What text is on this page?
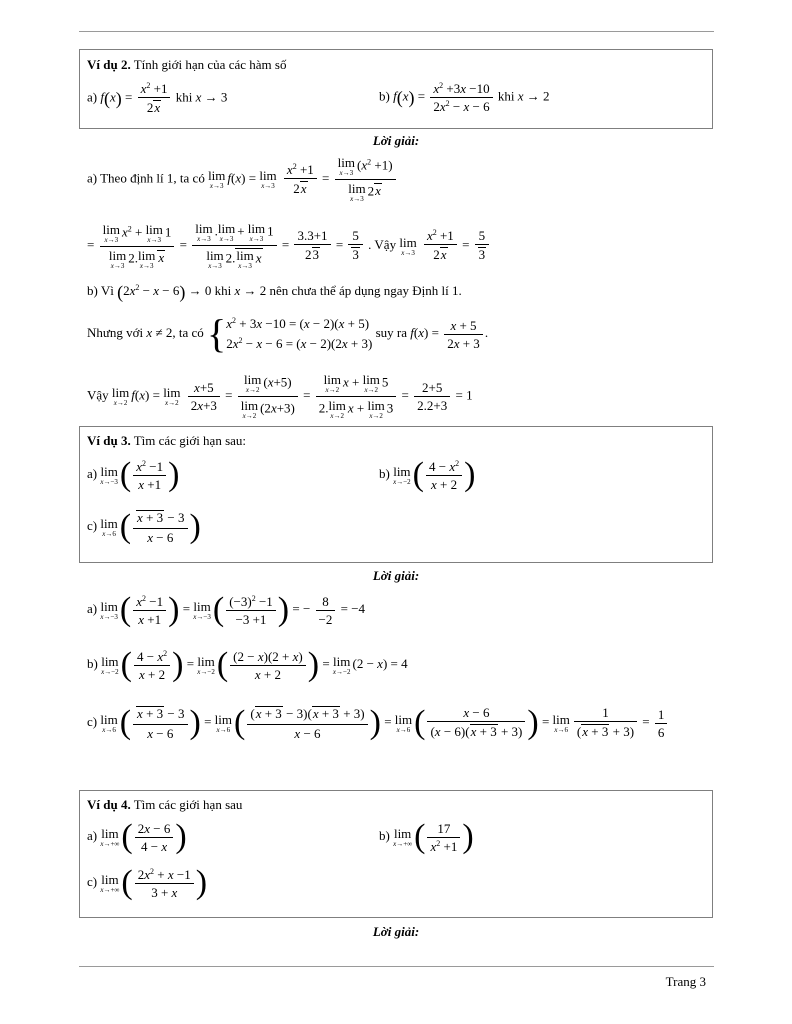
Ví dụ 2. Tính giới hạn của các hàm số
a) $f(x) = \frac{x^2 +1}{2x}$ khi x → 3	b) $f(x) = \frac{x^2 +3x -10}{2x^2 - x - 6}$ khi x → 2
Lời giải:
a) Theo định lí 1, ta có lim
x→3
f(x) = lim
x→3
$\frac{x^2 +1}{2x} = \lim$
x→3
$(x^2 +1)$
lim
x→3
2x
= lim
x→3
$x^2 + \lim$
x→3
1
lim
x→3
2.lim
x→3
x = lim
x→3
.lim
x→3
+ lim
x→3
1
lim
x→3
2.lim
x→3
$x = \frac{3.3+1}{23} = \frac{5}{3}$ . Vậy lim
x→3
$\frac{x^2 +1}{2x} = \frac{5}{3}$
b) Vì $(2x^2 - x - 6) \to 0$ khi x → 2 nên chưa thể áp dụng ngay Định lí 1.
Nhưng với x ≠ 2, ta có { $x^2 + 3x -10 = (x - 2)(x + 5)$
$2x^2 - x - 6 = (x - 2)(2x + 3)$
suy ra $f(x) = \frac{x + 5}{2x + 3}$ .
Vậy lim
x→2
f(x) = lim
x→2
$\frac{x+5}{2x+3} = \lim$
x→2
(x+5)
lim
x→2
(2x+3) = lim
x→2
x + lim
x→2
5
2.lim
x→2
x + lim
x→2
$3 = \frac{2+5}{2.2+3} = 1$
Ví dụ 3. Tìm các giới hạn sau:
a) lim
x→−3 ( $\frac{x^2 -1}{x +1}$ )	b) lim
x→−2 ( $\frac{4 - x^2}{x + 2}$ )
c) lim
x→6 ( $\frac{x + 3 - 3}{x - 6}$ )
Lời giải:
a) lim
x→−3 ( $\frac{x^2 -1}{x +1}$ ) = lim
x→−3 ( $\frac{(-3)^2 -1}{-3 +1}$ ) = − $\frac{8}{-2} = -4$
b) lim
x→−2 ( $\frac{4 - x^2}{x + 2}$ ) = lim
x→−2 ( $\frac{(2 - x)(2 + x)}{x + 2}$ ) = lim
x→−2
(2 − x) = 4
c) lim
x→6 ( $\frac{x + 3 - 3}{x - 6}$ ) = lim
x→6 ( $\frac{(x + 3 - 3)(x + 3 + 3)}{x - 6}$ ) = lim
x→6 ( $\frac{x - 6}{(x - 6)(x + 3 + 3)}$ ) = lim
$x\to 6 \frac{1}{(x + 3 + 3)} = \frac{1}{6}$
Ví dụ 4. Tìm các giới hạn sau
a) lim
x→+∞ ( $\frac{2x - 6}{4 - x}$ )	b) lim
x→+∞ ( $\frac{17}{x^2 +1}$ )
c) lim
x→+∞ ( $\frac{2x^2 + x -1}{3 + x}$ )
Lời giải:
Trang 3
